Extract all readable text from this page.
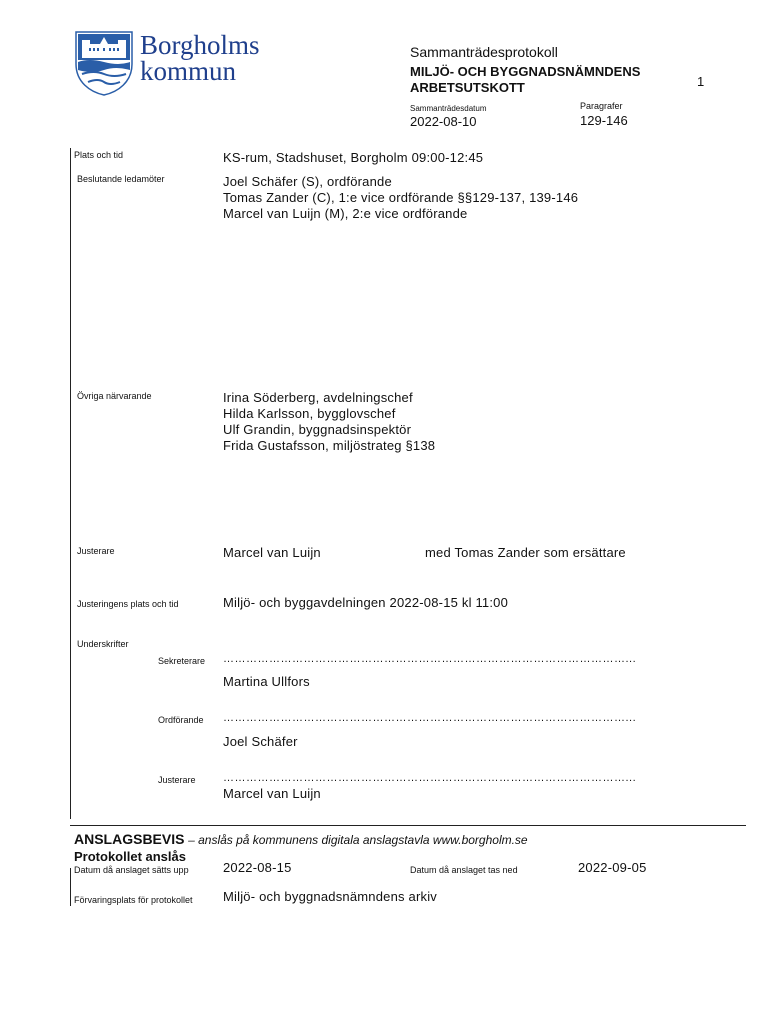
Borgholms
kommun
Sammanträdesprotokoll
MILJÖ- OCH BYGGNADSNÄMNDENS
ARBETSUTSKOTT	1
Sammanträdesdatum
2022-08-10
Paragrafer
129-146
Plats och tid	KS-rum, Stadshuset, Borgholm 09:00-12:45
Beslutande ledamöter	Joel Schäfer (S), ordförande
Tomas Zander (C), 1:e vice ordförande §§129-137, 139-146
Marcel van Luijn (M), 2:e vice ordförande
Övriga närvarande	Irina Söderberg, avdelningschef
Hilda Karlsson, bygglovschef
Ulf Grandin, byggnadsinspektör
Frida Gustafsson, miljöstrateg §138
Justerare	Marcel van Luijn	med Tomas Zander som ersättare
Justeringens plats och tid	Miljö- och byggavdelningen 2022-08-15 kl 11:00
Underskrifter
Sekreterare ……………………………………………………………………………………………...
Martina Ullfors
Ordförande ……………………………………………………………………………………………...
Joel Schäfer
Justerare ……………………………………………………………………………………………...
Marcel van Luijn
ANSLAGSBEVIS – anslås på kommunens digitala anslagstavla www.borgholm.se
Protokollet anslås
Datum då anslaget sätts upp	2022-08-15	Datum då anslaget tas ned	2022-09-05
Förvaringsplats för protokollet Miljö- och byggnadsnämndens arkiv
